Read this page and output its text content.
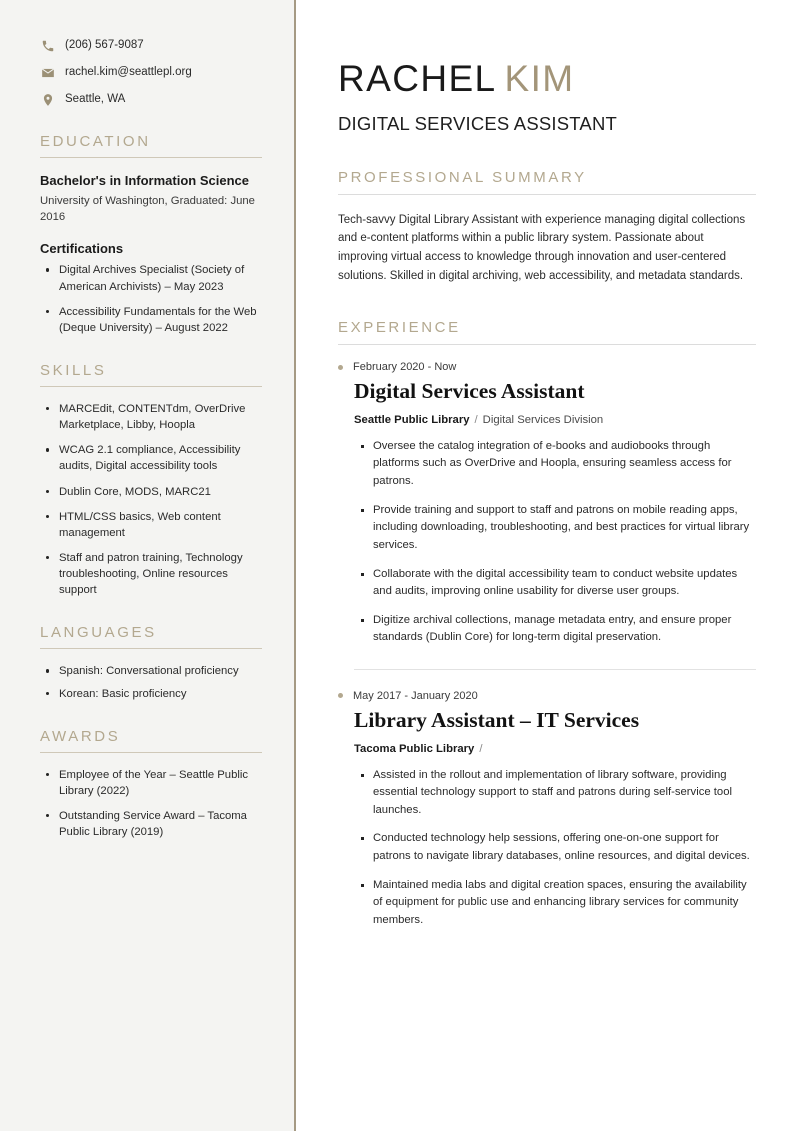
(206) 567-9087
rachel.kim@seattlepl.org
Seattle, WA
EDUCATION
Bachelor's in Information Science
University of Washington, Graduated: June 2016
Certifications
Digital Archives Specialist (Society of American Archivists) – May 2023
Accessibility Fundamentals for the Web (Deque University) – August 2022
SKILLS
MARCEdit, CONTENTdm, OverDrive Marketplace, Libby, Hoopla
WCAG 2.1 compliance, Accessibility audits, Digital accessibility tools
Dublin Core, MODS, MARC21
HTML/CSS basics, Web content management
Staff and patron training, Technology troubleshooting, Online resources support
LANGUAGES
Spanish: Conversational proficiency
Korean: Basic proficiency
AWARDS
Employee of the Year – Seattle Public Library (2022)
Outstanding Service Award – Tacoma Public Library (2019)
RACHEL KIM
DIGITAL SERVICES ASSISTANT
PROFESSIONAL SUMMARY

Tech-savvy Digital Library Assistant with experience managing digital collections and e-content platforms within a public library system. Passionate about improving virtual access to knowledge through innovation and user-centered solutions. Skilled in digital archiving, web accessibility, and metadata standards.

EXPERIENCE
February 2020 - Now
Digital Services Assistant
Seattle Public Library / Digital Services Division
Oversee the catalog integration of e-books and audiobooks through platforms such as OverDrive and Hoopla, ensuring seamless access for patrons.
Provide training and support to staff and patrons on mobile reading apps, including downloading, troubleshooting, and best practices for virtual library services.
Collaborate with the digital accessibility team to conduct website updates and audits, improving online usability for diverse user groups.
Digitize archival collections, manage metadata entry, and ensure proper standards (Dublin Core) for long-term digital preservation.
May 2017 - January 2020
Library Assistant – IT Services
Tacoma Public Library /
Assisted in the rollout and implementation of library software, providing essential technology support to staff and patrons during self-service tool launches.
Conducted technology help sessions, offering one-on-one support for patrons to navigate library databases, online resources, and digital devices.
Maintained media labs and digital creation spaces, ensuring the availability of equipment for public use and enhancing library services for community members.
